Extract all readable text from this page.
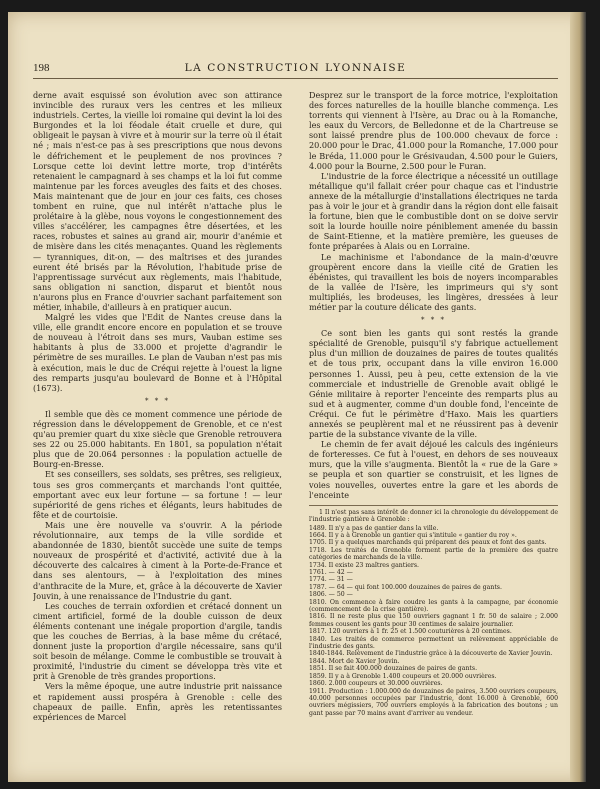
198	LA CONSTRUCTION LYONNAISE

derne avait esquissé son évolution avec son attirance invincible des ruraux vers les centres et les milieux industriels. Certes, la vieille loi romaine qui devint la loi des Burgondes et la loi féodale était cruelle et dure, qui obligeait le paysan à vivre et à mourir sur la terre où il était né ; mais n'est-ce pas à ses prescriptions que nous devons le défrichement et le peuplement de nos provinces ? Lorsque cette loi devint lettre morte, trop d'intérêts retenaient le campagnard à ses champs et la loi fut comme maintenue par les forces aveugles des faits et des choses. Mais maintenant que de jour en jour ces faits, ces choses tombent en ruine, que nul intérêt n'attache plus le prolétaire à la glèbe, nous voyons le congestionnement des villes s'accélérer, les campagnes être désertées, et les races, robustes et saines au grand air, mourir d'anémie et de misère dans les cités menaçantes. Quand les règlements — tyranniques, dit-on, — des maîtrises et des jurandes eurent été brisés par la Révolution, l'habitude prise de l'apprentissage survécut aux règlements, mais l'habitude, sans obligation ni sanction, disparut et bientôt nous n'aurons plus en France d'ouvrier sachant parfaitement son métier, inhabile, d'ailleurs à en pratiquer aucun.

Malgré les vides que l'Edit de Nantes creuse dans la ville, elle grandit encore encore en population et se trouve de nouveau à l'étroit dans ses murs, Vauban estime ses habitants à plus de 33.000 et projette d'agrandir le périmètre de ses murailles. Le plan de Vauban n'est pas mis à exécution, mais le duc de Créqui rejette à l'ouest la ligne des remparts jusqu'au boulevard de Bonne et à l'Hôpital (1673).

* * *

Il semble que dès ce moment commence une période de régression dans le développement de Grenoble, et ce n'est qu'au premier quart du xixe siècle que Grenoble retrouvera ses 22 ou 25.000 habitants. En 1801, sa population n'était plus que de 20.064 personnes : la population actuelle de Bourg-en-Bresse.

Et ses conseillers, ses soldats, ses prêtres, ses religieux, tous ses gros commerçants et marchands l'ont quittée, emportant avec eux leur fortune — sa fortune ! — leur supériorité de gens riches et élégants, leurs habitudes de fête et de courtoisie.

Mais une ère nouvelle va s'ouvrir. A la période révolutionnaire, aux temps de la ville sordide et abandonnée de 1830, bientôt succède une suite de temps nouveaux de prospérité et d'activité, activité due à la découverte des calcaires à ciment à la Porte-de-France et dans ses alentours, — à l'exploitation des mines d'anthracite de la Mure, et, grâce à la découverte de Xavier Jouvin, à une renaissance de l'Industrie du gant.

Les couches de terrain oxfordien et crétacé donnent un ciment artificiel, formé de la double cuisson de deux éléments contenant une inégale proportion d'argile, tandis que les couches de Berrias, à la base même du crétacé, donnent juste la proportion d'argile nécessaire, sans qu'il soit besoin de mélange. Comme le combustible se trouvait à proximité, l'industrie du ciment se développa très vite et prit à Grenoble de très grandes proportions.

Vers la même époque, une autre industrie prit naissance et rapidement aussi prospéra à Grenoble : celle des chapeaux de paille. Enfin, après les retentissantes expériences de Marcel

Desprez sur le transport de la force motrice, l'exploitation des forces naturelles de la houille blanche commença. Les torrents qui viennent à l'Isère, au Drac ou à la Romanche, les eaux du Vercors, de Belledonne et de la Chartreuse se sont laissé prendre plus de 100.000 chevaux de force : 20.000 pour le Drac, 41.000 pour la Romanche, 17.000 pour le Bréda, 11.000 pour le Grésivaudan, 4.500 pour le Guiers, 4.000 pour la Bourne, 2.500 pour le Furan.

L'industrie de la force électrique a nécessité un outillage métallique qu'il fallait créer pour chaque cas et l'industrie annexe de la métallurgie d'installations électriques ne tarda pas à voir le jour et à grandir dans la région dont elle faisait la fortune, bien que le combustible dont on se doive servir soit la lourde houille noire péniblement amenée du bassin de Saint-Etienne, et la matière première, les gueuses de fonte préparées à Alais ou en Lorraine.

Le machinisme et l'abondance de la main-d'œuvre groupèrent encore dans la vieille cité de Gratien les ébénistes, qui travaillent les bois de noyers incomparables de la vallée de l'Isère, les imprimeurs qui s'y sont multipliés, les brodeuses, les lingères, dressées à leur métier par la couture délicate des gants.

* * *

Ce sont bien les gants qui sont restés la grande spécialité de Grenoble, puisqu'il s'y fabrique actuellement plus d'un million de douzaines de paires de toutes qualités et de tous prix, occupant dans la ville environ 16.000 personnes 1. Aussi, peu à peu, cette extension de la vie commerciale et industrielle de Grenoble avait obligé le Génie militaire à reporter l'enceinte des remparts plus au sud et à augmenter, comme d'un double fond, l'enceinte de Créqui. Ce fut le périmètre d'Haxo. Mais les quartiers annexés se peuplèrent mal et ne réussirent pas à devenir partie de la substance vivante de la ville.

Le chemin de fer avait déjoué les calculs des ingénieurs de forteresses. Ce fut à l'ouest, en dehors de ses nouveaux murs, que la ville s'augmenta. Bientôt la « rue de la Gare » se peupla et son quartier se construisit, et les lignes de voies nouvelles, ouvertes entre la gare et les abords de l'enceinte

1 Il n'est pas sans intérêt de donner ici la chronologie du développement de l'industrie gantière à Grenoble :

1489. Il n'y a pas de gantier dans la ville.

1664. Il y a à Grenoble un gantier qui s'intitule « gantier du roy ».

1705. Il y a quelques marchands qui préparent des peaux et font des gants.

1718. Les traités de Grenoble forment partie de la première des quatre catégories de marchands de la ville.

1734. Il existe 23 maîtres gantiers.

1761. — 42 —

1774. — 31 —

1787. — 64 — qui font 100.000 douzaines de paires de gants.

1806. — 50 —

1810. On commence à faire coudre les gants à la campagne, par économie (commencement de la crise gantière).

1816. Il ne reste plus que 150 ouvriers gagnant 1 fr. 50 de salaire ; 2.000 femmes cousent les gants pour 30 centimes de salaire journalier.

1817. 120 ouvriers à 1 fr. 25 et 1.500 couturières à 20 centimes.

1840. Les traités de commerce permettent un relèvement appréciable de l'industrie des gants.

1840-1844. Relèvement de l'industrie grâce à la découverte de Xavier Jouvin.

1844. Mort de Xavier Jouvin.

1851. Il se fait 400.000 douzaines de paires de gants.

1859. Il y a à Grenoble 1.400 coupeurs et 20.000 ouvrières.

1860. 2.000 coupeurs et 30.000 ouvrières.

1911. Production : 1.000.000 de douzaines de paires, 3.500 ouvriers coupeurs, 40.000 personnes occupées par l'industrie, dont 16.000 à Grenoble, 600 ouvriers mégissiers, 700 ouvriers employés à la fabrication des boutons ; un gant passe par 70 mains avant d'arriver au vendeur.
